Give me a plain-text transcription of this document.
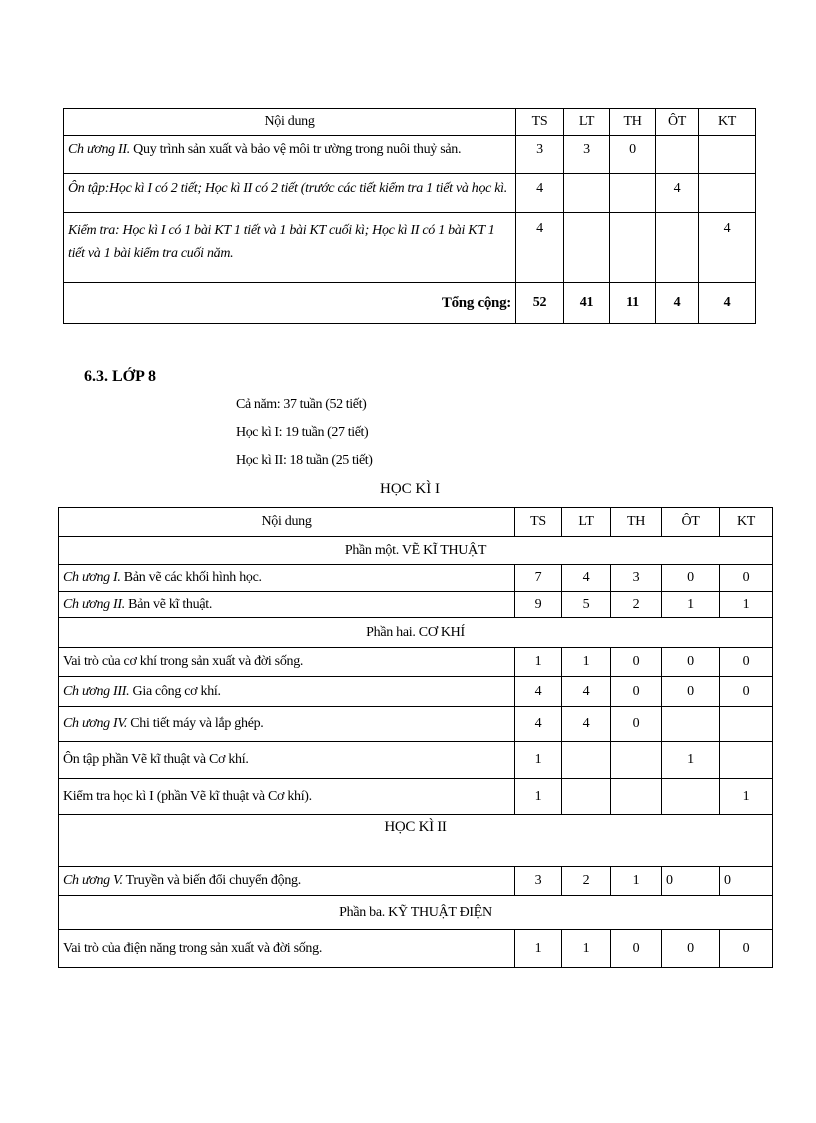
Nội dung	TS	LT	TH	ÔT	KT
Ch ương II. Quy trình sản xuất và bảo vệ môi tr ường trong nuôi thuỷ sản.	3	3	0		
Ôn tập:Học kì I có 2 tiết; Học kì II có 2 tiết (trước các tiết kiểm tra 1 tiết và học kì.	4			4	
Kiểm tra: Học kì I có 1 bài KT 1 tiết và 1 bài KT cuối kì; Học kì II có 1 bài KT 1 tiết và 1 bài kiểm tra cuối năm.	4				4
Tổng cộng:	52	41	11	4	4
6.3. LỚP 8
Cả năm: 37 tuần (52 tiết)
Học kì I: 19 tuần (27 tiết)
Học kì II: 18 tuần (25 tiết)
HỌC KÌ I
Nội dung	TS	LT	TH	ÔT	KT
Phần một. VẼ KĨ THUẬT					
Ch ương I. Bản vẽ các khối hình học.	7	4	3	0	0
Ch ương II. Bản vẽ kĩ thuật.	9	5	2	1	1
Phần hai. CƠ KHÍ					
Vai trò của cơ khí trong sản xuất và đời sống.	1	1	0	0	0
Ch ương III. Gia công cơ khí.	4	4	0	0	0
Ch ương IV. Chi tiết máy và lắp ghép.	4	4	0		
Ôn tập phần Vẽ kĩ thuật và Cơ khí.	1			1	
Kiểm tra học kì I (phần Vẽ kĩ thuật và Cơ khí).	1				1
HỌC KÌ II					
Ch ương V. Truyền và biến đổi chuyển động.	3	2	1	0	0
Phần ba. KỸ THUẬT ĐIỆN					
Vai trò của điện năng trong sản xuất và đời sống.	1	1	0	0	0
